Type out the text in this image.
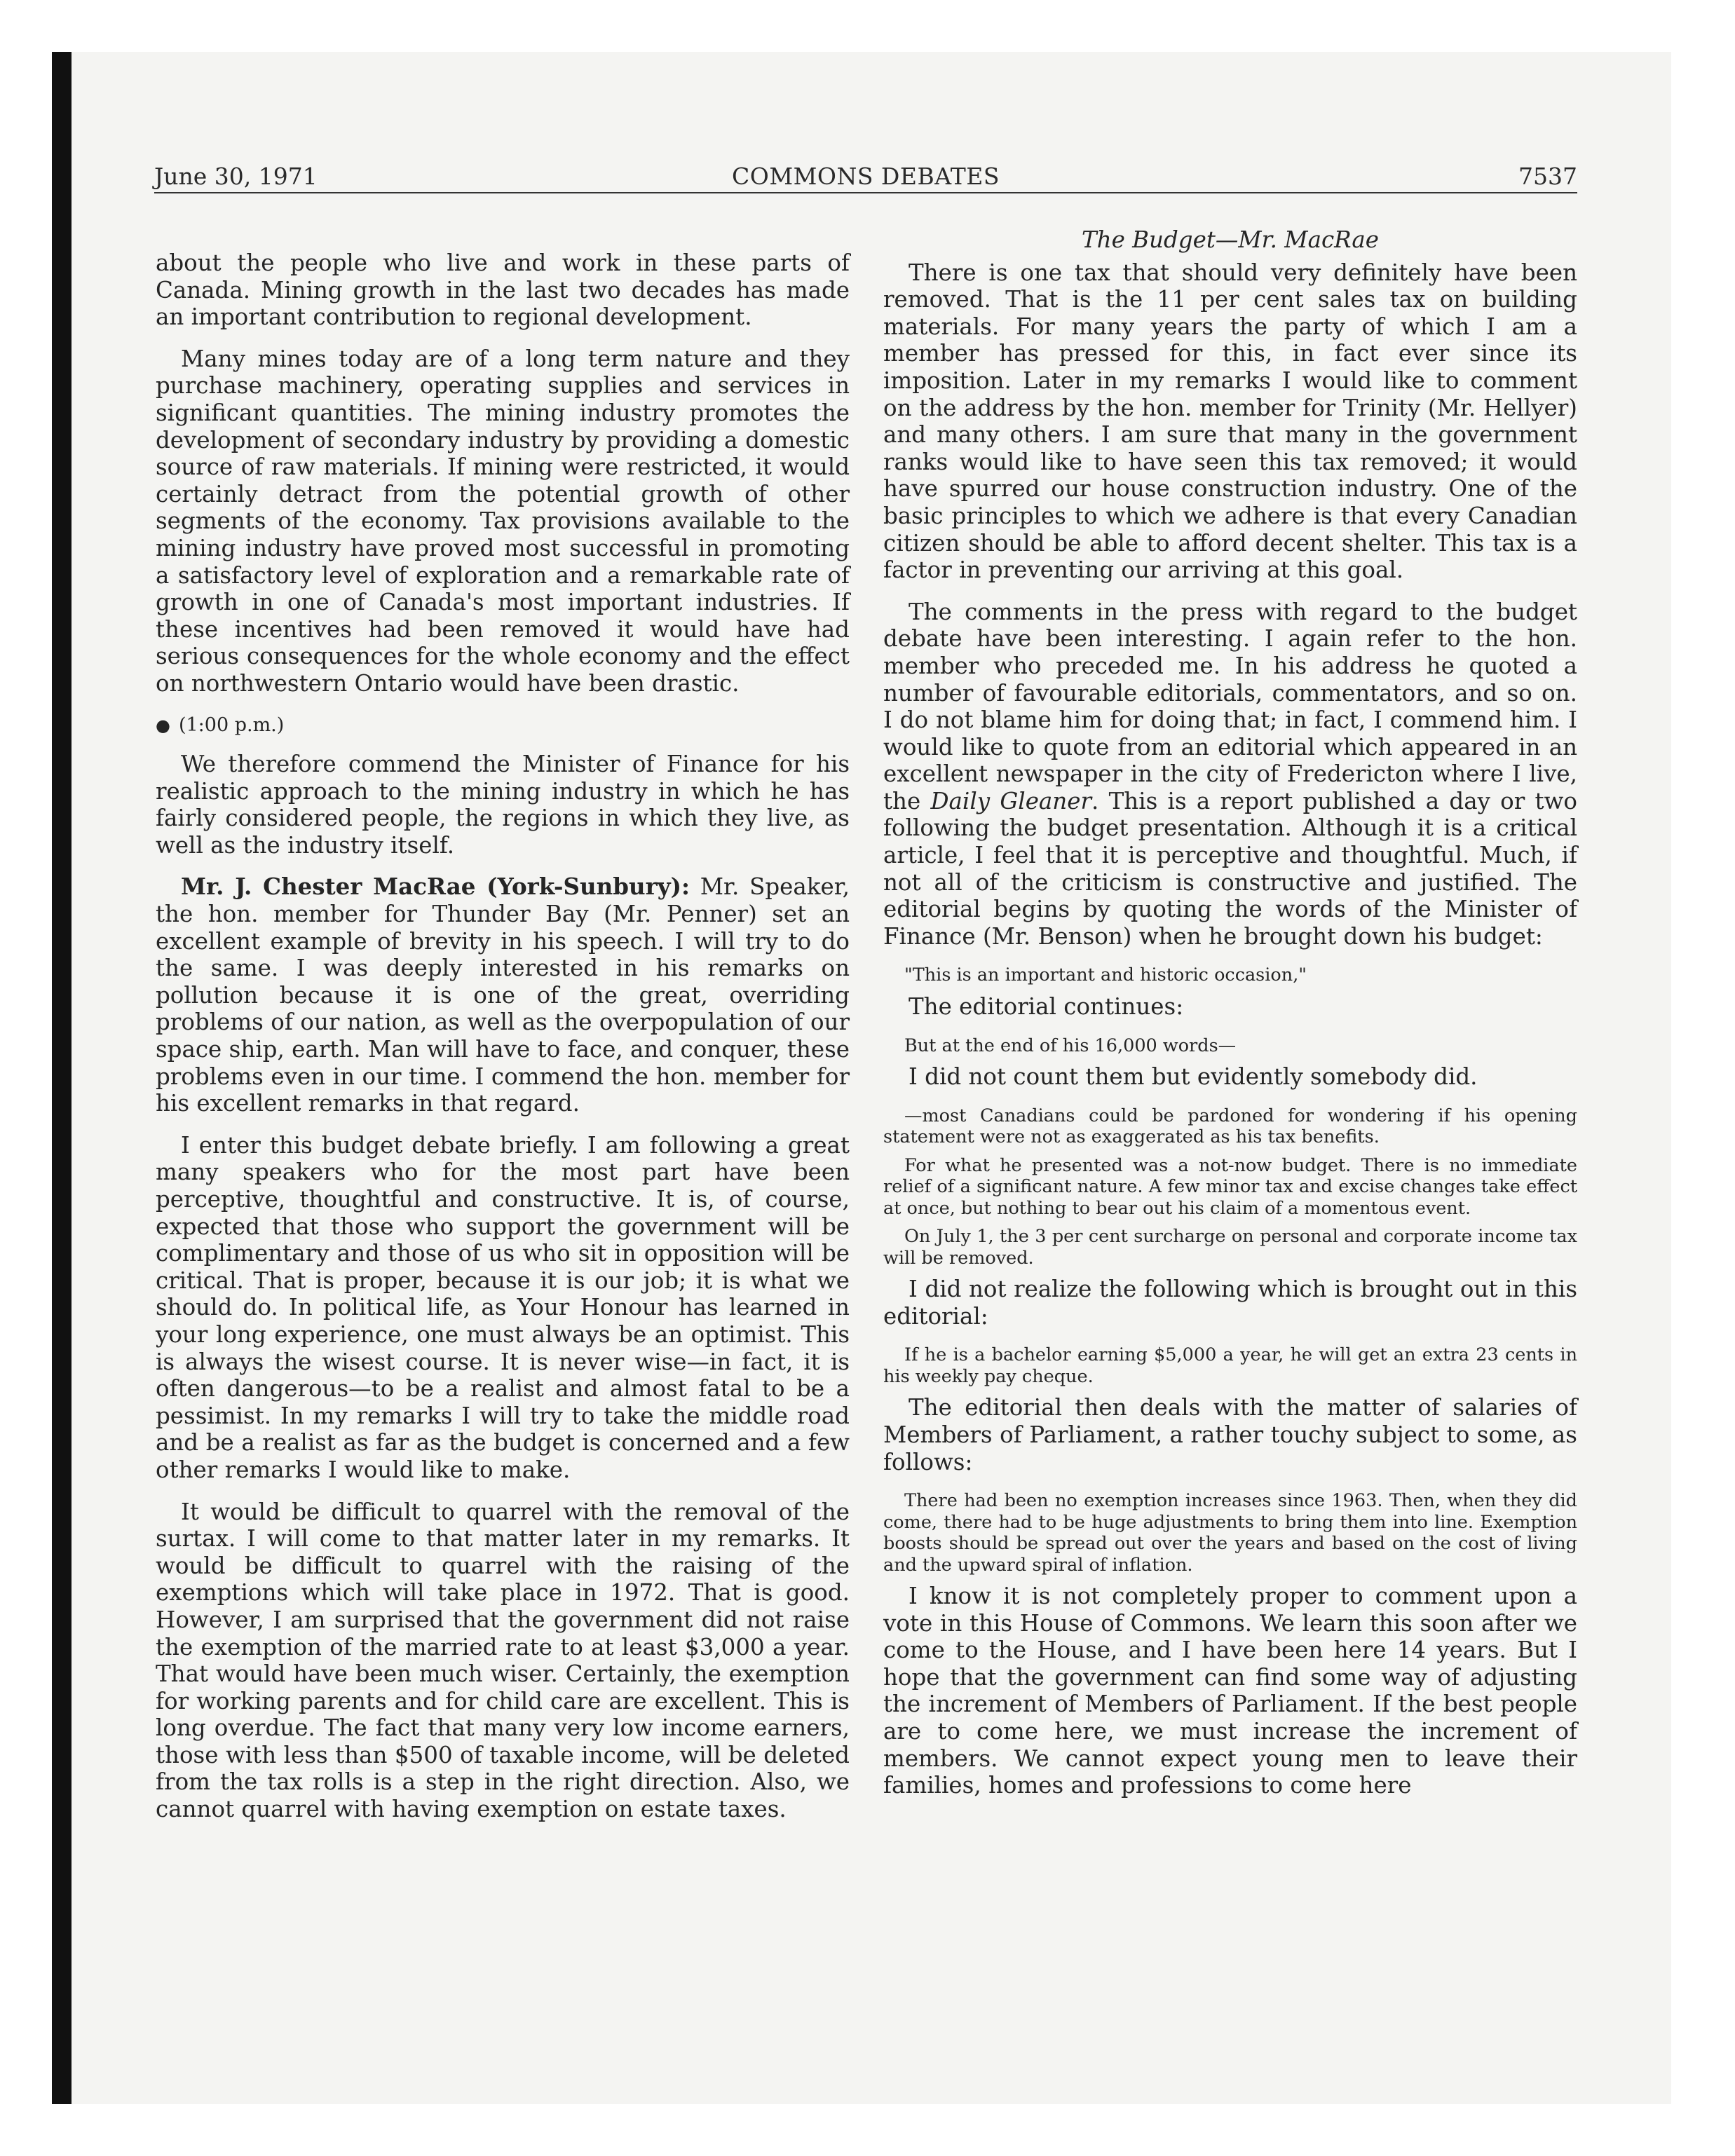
June 30, 1971	COMMONS DEBATES	7537

about the people who live and work in these parts of Canada. Mining growth in the last two decades has made an important contribution to regional development.

Many mines today are of a long term nature and they purchase machinery, operating supplies and services in significant quantities. The mining industry promotes the development of secondary industry by providing a domestic source of raw materials. If mining were restricted, it would certainly detract from the potential growth of other segments of the economy. Tax provisions available to the mining industry have proved most successful in promoting a satisfactory level of exploration and a remarkable rate of growth in one of Canada's most important industries. If these incentives had been removed it would have had serious consequences for the whole economy and the effect on northwestern Ontario would have been drastic.

● (1:00 p.m.)

We therefore commend the Minister of Finance for his realistic approach to the mining industry in which he has fairly considered people, the regions in which they live, as well as the industry itself.

Mr. J. Chester MacRae (York-Sunbury): Mr. Speaker, the hon. member for Thunder Bay (Mr. Penner) set an excellent example of brevity in his speech. I will try to do the same. I was deeply interested in his remarks on pollution because it is one of the great, overriding problems of our nation, as well as the overpopulation of our space ship, earth. Man will have to face, and conquer, these problems even in our time. I commend the hon. member for his excellent remarks in that regard.

I enter this budget debate briefly. I am following a great many speakers who for the most part have been perceptive, thoughtful and constructive. It is, of course, expected that those who support the government will be complimentary and those of us who sit in opposition will be critical. That is proper, because it is our job; it is what we should do. In political life, as Your Honour has learned in your long experience, one must always be an optimist. This is always the wisest course. It is never wise—in fact, it is often dangerous—to be a realist and almost fatal to be a pessimist. In my remarks I will try to take the middle road and be a realist as far as the budget is concerned and a few other remarks I would like to make.

It would be difficult to quarrel with the removal of the surtax. I will come to that matter later in my remarks. It would be difficult to quarrel with the raising of the exemptions which will take place in 1972. That is good. However, I am surprised that the government did not raise the exemption of the married rate to at least $3,000 a year. That would have been much wiser. Certainly, the exemption for working parents and for child care are excellent. This is long overdue. The fact that many very low income earners, those with less than $500 of taxable income, will be deleted from the tax rolls is a step in the right direction. Also, we cannot quarrel with having exemption on estate taxes.

The Budget—Mr. MacRae

There is one tax that should very definitely have been removed. That is the 11 per cent sales tax on building materials. For many years the party of which I am a member has pressed for this, in fact ever since its imposition. Later in my remarks I would like to comment on the address by the hon. member for Trinity (Mr. Hellyer) and many others. I am sure that many in the government ranks would like to have seen this tax removed; it would have spurred our house construction industry. One of the basic principles to which we adhere is that every Canadian citizen should be able to afford decent shelter. This tax is a factor in preventing our arriving at this goal.

The comments in the press with regard to the budget debate have been interesting. I again refer to the hon. member who preceded me. In his address he quoted a number of favourable editorials, commentators, and so on. I do not blame him for doing that; in fact, I commend him. I would like to quote from an editorial which appeared in an excellent newspaper in the city of Fredericton where I live, the Daily Gleaner. This is a report published a day or two following the budget presentation. Although it is a critical article, I feel that it is perceptive and thoughtful. Much, if not all of the criticism is constructive and justified. The editorial begins by quoting the words of the Minister of Finance (Mr. Benson) when he brought down his budget:

"This is an important and historic occasion,"

The editorial continues:

But at the end of his 16,000 words—

I did not count them but evidently somebody did.

—most Canadians could be pardoned for wondering if his opening statement were not as exaggerated as his tax benefits.
For what he presented was a not-now budget. There is no immediate relief of a significant nature. A few minor tax and excise changes take effect at once, but nothing to bear out his claim of a momentous event.
On July 1, the 3 per cent surcharge on personal and corporate income tax will be removed.

I did not realize the following which is brought out in this editorial:

If he is a bachelor earning $5,000 a year, he will get an extra 23 cents in his weekly pay cheque.

The editorial then deals with the matter of salaries of Members of Parliament, a rather touchy subject to some, as follows:

There had been no exemption increases since 1963. Then, when they did come, there had to be huge adjustments to bring them into line. Exemption boosts should be spread out over the years and based on the cost of living and the upward spiral of inflation.

I know it is not completely proper to comment upon a vote in this House of Commons. We learn this soon after we come to the House, and I have been here 14 years. But I hope that the government can find some way of adjusting the increment of Members of Parliament. If the best people are to come here, we must increase the increment of members. We cannot expect young men to leave their families, homes and professions to come here
